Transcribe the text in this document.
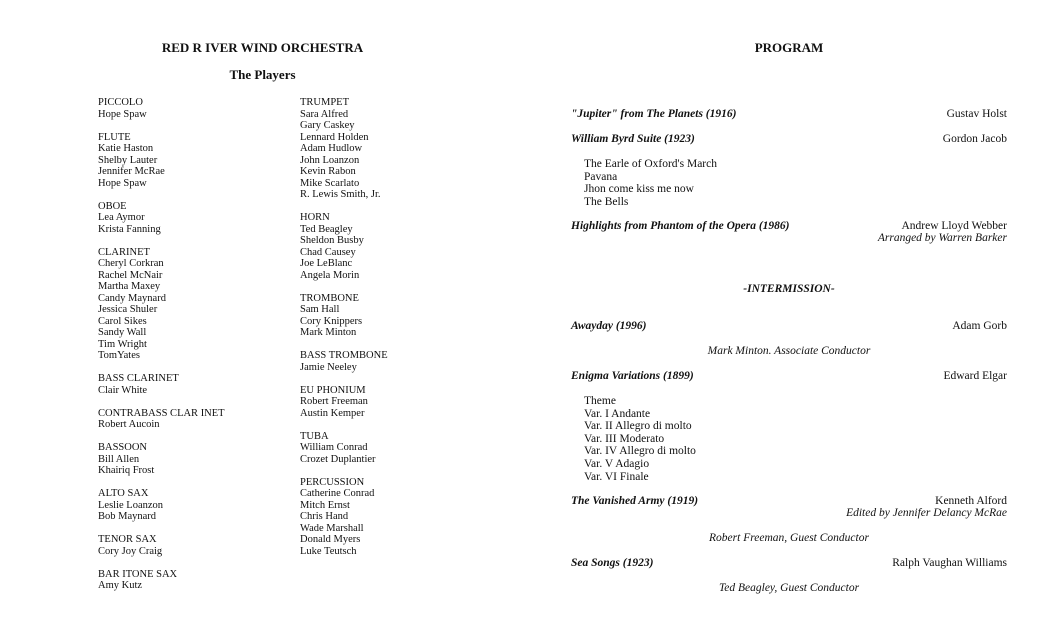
RED R IVER WIND ORCHESTRA
The Players
PICCOLO
Hope Spaw
FLUTE
Katie Haston
Shelby Lauter
Jennifer McRae
Hope Spaw
OBOE
Lea Aymor
Krista Fanning
CLARINET
Cheryl Corkran
Rachel McNair
Martha Maxey
Candy Maynard
Jessica Shuler
Carol Sikes
Sandy Wall
Tim Wright
TomYates
BASS CLARINET
Clair White
CONTRABASS CLAR INET
Robert Aucoin
BASSOON
Bill Allen
Khairiq Frost
ALTO SAX
Leslie Loanzon
Bob Maynard
TENOR SAX
Cory Joy Craig
BAR ITONE SAX
Amy Kutz
TRUMPET
Sara Alfred
Gary Caskey
Lennard Holden
Adam Hudlow
John Loanzon
Kevin Rabon
Mike Scarlato
R. Lewis Smith, Jr.
HORN
Ted Beagley
Sheldon Busby
Chad Causey
Joe LeBlanc
Angela Morin
TROMBONE
Sam Hall
Cory Knippers
Mark Minton
BASS TROMBONE
Jamie Neeley
EU PHONIUM
Robert Freeman
Austin Kemper
TUBA
William Conrad
Crozet Duplantier
PERCUSSION
Catherine Conrad
Mitch Ernst
Chris Hand
Wade Marshall
Donald Myers
Luke Teutsch
PROGRAM
"Jupiter" from The Planets (1916)	Gustav Holst
William Byrd Suite (1923)	Gordon Jacob
The Earle of Oxford's March
Pavana
Jhon come kiss me now
The Bells
Highlights from Phantom of the Opera (1986)	Andrew Lloyd Webber
Arranged by Warren Barker
-INTERMISSION-
Awayday (1996)	Adam Gorb
Mark Minton. Associate Conductor
Enigma Variations (1899)	Edward Elgar
Theme
Var. I Andante
Var. II Allegro di molto
Var. III Moderato
Var. IV Allegro di molto
Var. V Adagio
Var. VI Finale
The Vanished Army (1919)	Kenneth Alford
Edited by Jennifer Delancy McRae
Robert Freeman, Guest Conductor
Sea Songs (1923)	Ralph Vaughan Williams
Ted Beagley, Guest Conductor
